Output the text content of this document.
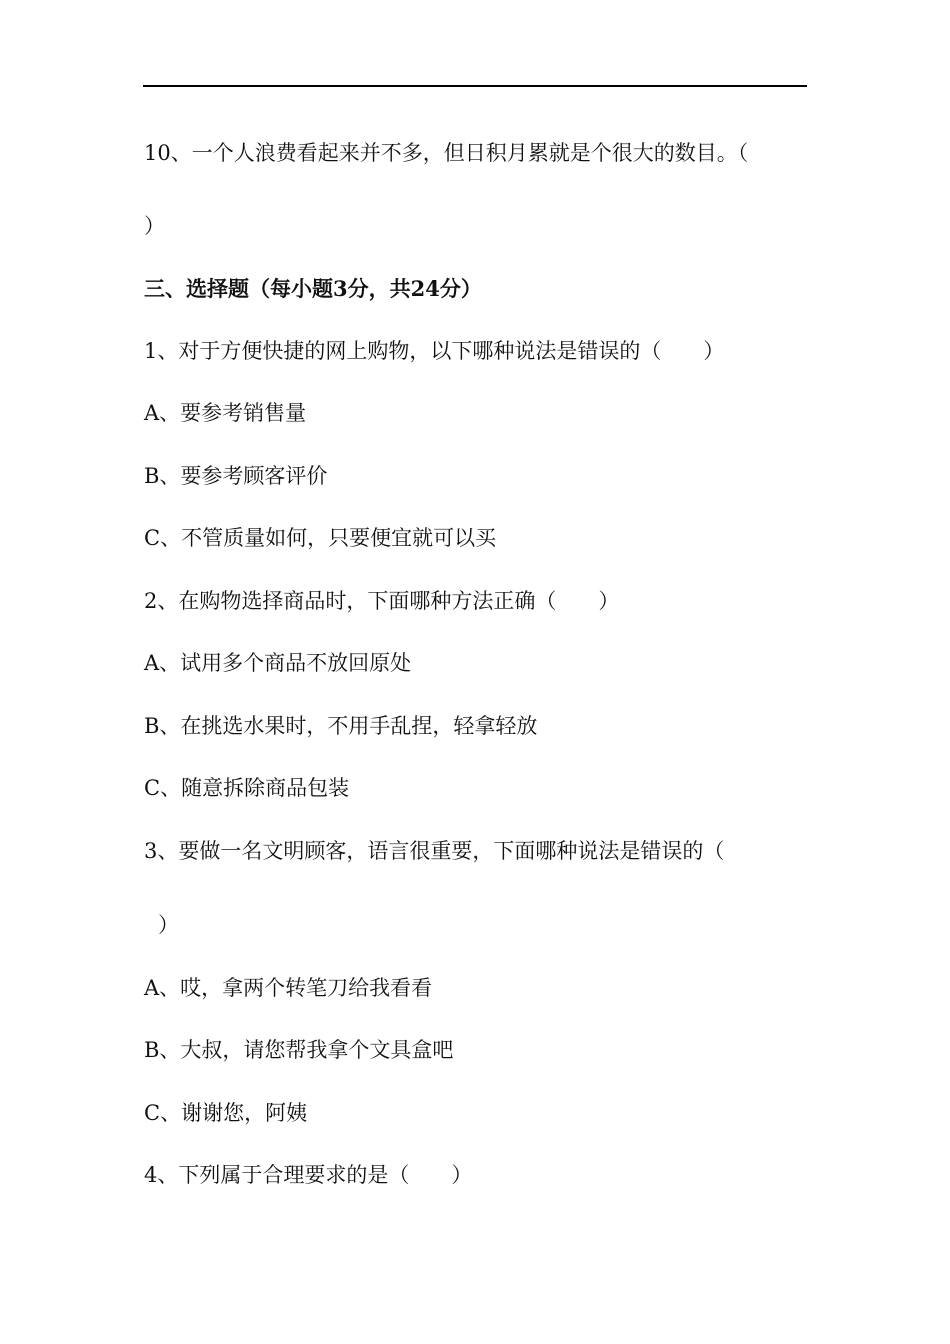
10、一个人浪费看起来并不多，但日积月累就是个很大的数目。（
）
三、选择题（每小题3分，共24分）
1、对于方便快捷的网上购物，以下哪种说法是错误的（　　）
A、要参考销售量
B、要参考顾客评价
C、不管质量如何，只要便宜就可以买
2、在购物选择商品时，下面哪种方法正确（　　）
A、试用多个商品不放回原处
B、在挑选水果时，不用手乱捏，轻拿轻放
C、随意拆除商品包装
3、要做一名文明顾客，语言很重要，下面哪种说法是错误的（
）
A、哎，拿两个转笔刀给我看看
B、大叔，请您帮我拿个文具盒吧
C、谢谢您，阿姨
4、下列属于合理要求的是（　　）
